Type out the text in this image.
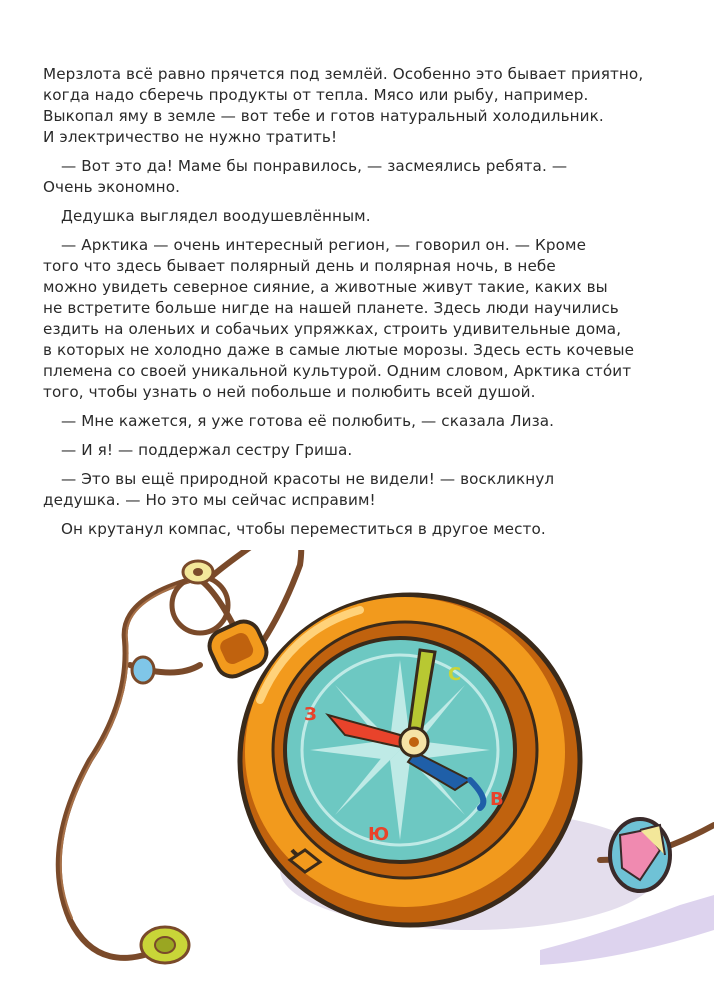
Мерзлота всё равно прячется под землёй. Особенно это бывает приятно,
когда надо сберечь продукты от тепла. Мясо или рыбу, например.
Выкопал яму в земле — вот тебе и готов натуральный холодильник.
И электричество не нужно тратить!

— Вот это да! Маме бы понравилось, — засмеялись ребята. —
Очень экономно.

Дедушка выглядел воодушевлённым.

— Арктика — очень интересный регион, — говорил он. — Кроме
того что здесь бывает полярный день и полярная ночь, в небе
можно увидеть северное сияние, а животные живут такие, каких вы
не встретите больше нигде на нашей планете. Здесь люди научились
ездить на оленьих и собачьих упряжках, строить удивительные дома,
в которых не холодно даже в самые лютые морозы. Здесь есть кочевые
племена со своей уникальной культурой. Одним словом, Арктика сто́ит
того, чтобы узнать о ней побольше и полюбить всей душой.

— Мне кажется, я уже готова её полюбить, — сказала Лиза.

— И я! — поддержал сестру Гриша.

— Это вы ещё природной красоты не видели! — воскликнул
дедушка. — Но это мы сейчас исправим!

Он крутанул компас, чтобы переместиться в другое место.

С
З
Ю
В
